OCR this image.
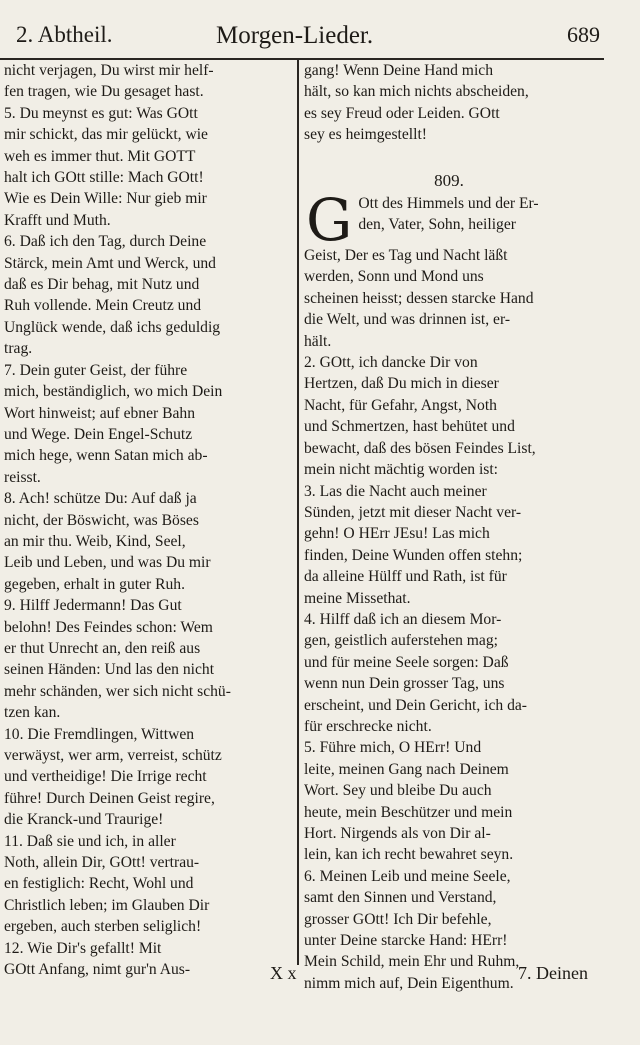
2. Abtheil.	Morgen-Lieder.	689
nicht verjagen, Du wirst mir helf-
fen tragen, wie Du gesaget hast.
5. Du meynst es gut: Was GOtt
mir schickt, das mir gelückt, wie
weh es immer thut. Mit GOTT
halt ich GOtt stille: Mach GOtt!
Wie es Dein Wille: Nur gieb mir
Krafft und Muth.
6. Daß ich den Tag, durch Deine
Stärck, mein Amt und Werck, und
daß es Dir behag, mit Nutz und
Ruh vollende. Mein Creutz und
Unglück wende, daß ichs geduldig
trag.
7. Dein guter Geist, der führe
mich, beständiglich, wo mich Dein
Wort hinweist; auf ebner Bahn
und Wege. Dein Engel-Schutz
mich hege, wenn Satan mich ab-
reisst.
8. Ach! schütze Du: Auf daß ja
nicht, der Böswicht, was Böses
an mir thu. Weib, Kind, Seel,
Leib und Leben, und was Du mir
gegeben, erhalt in guter Ruh.
9. Hilff Jedermann! Das Gut
belohn! Des Feindes schon: Wem
er thut Unrecht an, den reiß aus
seinen Händen: Und las den nicht
mehr schänden, wer sich nicht schü-
tzen kan.
10. Die Fremdlingen, Wittwen
verwäyst, wer arm, verreist, schütz
und vertheidige! Die Irrige recht
führe! Durch Deinen Geist regire,
die Kranck-und Traurige!
11. Daß sie und ich, in aller
Noth, allein Dir, GOtt! vertrau-
en festiglich: Recht, Wohl und
Christlich leben; im Glauben Dir
ergeben, auch sterben seliglich!
12. Wie Dir's gefallt! Mit
GOtt Anfang, nimt gur'n Aus-
gang! Wenn Deine Hand mich
hält, so kan mich nichts abscheiden,
es sey Freud oder Leiden. GOtt
sey es heimgestellt!
809.
G Ott des Himmels und der Er-
den, Vater, Sohn, heiliger
Geist, Der es Tag und Nacht läßt
werden, Sonn und Mond uns
scheinen heisst; dessen starcke Hand
die Welt, und was drinnen ist, er-
hält.
2. GOtt, ich dancke Dir von
Hertzen, daß Du mich in dieser
Nacht, für Gefahr, Angst, Noth
und Schmertzen, hast behütet und
bewacht, daß des bösen Feindes List,
mein nicht mächtig worden ist:
3. Las die Nacht auch meiner
Sünden, jetzt mit dieser Nacht ver-
gehn! O HErr JEsu! Las mich
finden, Deine Wunden offen stehn;
da alleine Hülff und Rath, ist für
meine Missethat.
4. Hilff daß ich an diesem Mor-
gen, geistlich auferstehen mag;
und für meine Seele sorgen: Daß
wenn nun Dein grosser Tag, uns
erscheint, und Dein Gericht, ich da-
für erschrecke nicht.
5. Führe mich, O HErr! Und
leite, meinen Gang nach Deinem
Wort. Sey und bleibe Du auch
heute, mein Beschützer und mein
Hort. Nirgends als von Dir al-
lein, kan ich recht bewahret seyn.
6. Meinen Leib und meine Seele,
samt den Sinnen und Verstand,
grosser GOtt! Ich Dir befehle,
unter Deine starcke Hand: HErr!
Mein Schild, mein Ehr und Ruhm,
nimm mich auf, Dein Eigenthum.
X x	7. Deinen
